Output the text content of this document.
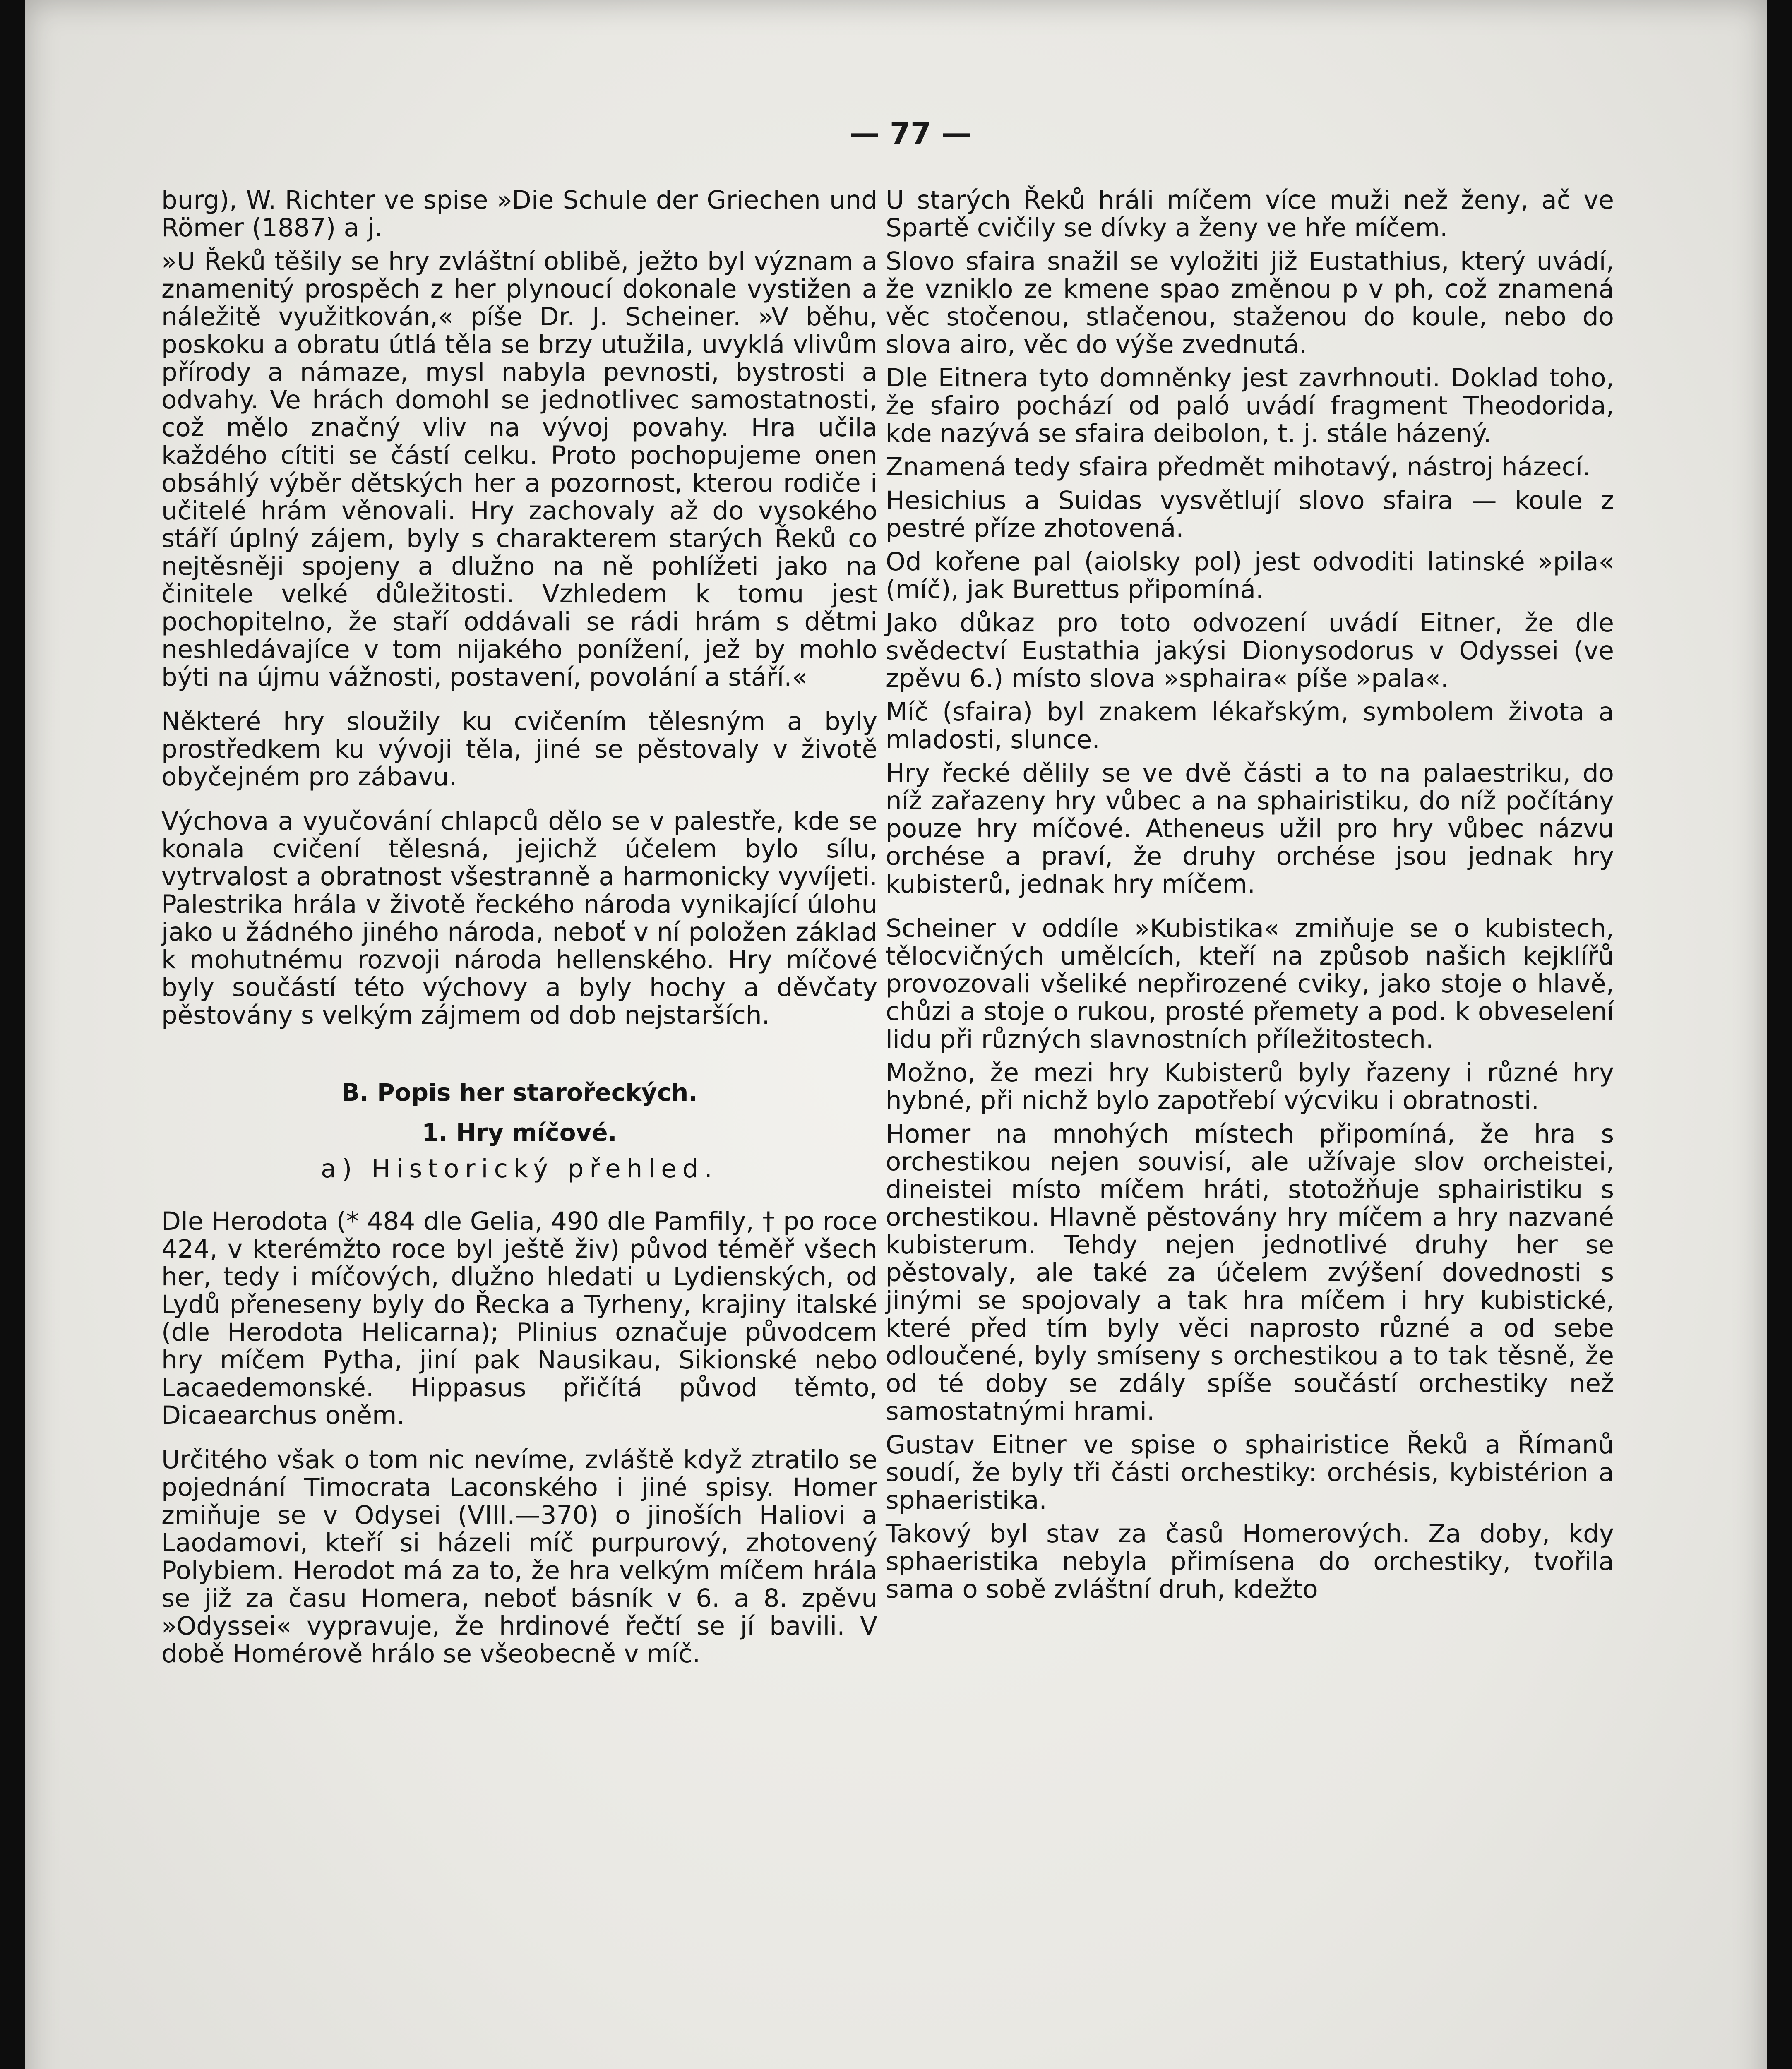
— 77 —

burg), W. Richter ve spise »Die Schule der Griechen und Römer (1887) a j.

»U Řeků těšily se hry zvláštní oblibě, ježto byl význam a znamenitý prospěch z her plynoucí dokonale vystižen a náležitě využitkován,« píše Dr. J. Scheiner. »V běhu, poskoku a obratu útlá těla se brzy utužila, uvyklá vlivům přírody a námaze, mysl nabyla pevnosti, bystrosti a odvahy. Ve hrách domohl se jednotlivec samostatnosti, což mělo značný vliv na vývoj povahy. Hra učila každého cítiti se částí celku. Proto pochopujeme onen obsáhlý výběr dětských her a pozornost, kterou rodiče i učitelé hrám věnovali. Hry zachovaly až do vysokého stáří úplný zájem, byly s charakterem starých Řeků co nejtěsněji spojeny a dlužno na ně pohlížeti jako na činitele velké důležitosti. Vzhledem k tomu jest pochopitelno, že staří oddávali se rádi hrám s dětmi neshledávajíce v tom nijakého ponížení, jež by mohlo býti na újmu vážnosti, postavení, povolání a stáří.«

Některé hry sloužily ku cvičením tělesným a byly prostředkem ku vývoji těla, jiné se pěstovaly v životě obyčejném pro zábavu.

Výchova a vyučování chlapců dělo se v palestře, kde se konala cvičení tělesná, jejichž účelem bylo sílu, vytrvalost a obratnost všestranně a harmonicky vyvíjeti. Palestrika hrála v životě řeckého národa vynikající úlohu jako u žádného jiného národa, neboť v ní položen základ k mohutnému rozvoji národa hellenského. Hry míčové byly součástí této výchovy a byly hochy a děvčaty pěstovány s velkým zájmem od dob nejstarších.

B. Popis her starořeckých.
1. Hry míčové.
a) Historický přehled.

Dle Herodota (* 484 dle Gelia, 490 dle Pamfily, † po roce 424, v kterémžto roce byl ještě živ) původ téměř všech her, tedy i míčových, dlužno hledati u Lydienských, od Lydů přeneseny byly do Řecka a Tyrheny, krajiny italské (dle Herodota Helicarna); Plinius označuje původcem hry míčem Pytha, jiní pak Nausikau, Sikionské nebo Lacaedemonské. Hippasus přičítá původ těmto, Dicaearchus oněm.

Určitého však o tom nic nevíme, zvláště když ztratilo se pojednání Timocrata Laconského i jiné spisy. Homer zmiňuje se v Odysei (VIII.—370) o jinoších Haliovi a Laodamovi, kteří si házeli míč purpurový, zhotovený Polybiem. Herodot má za to, že hra velkým míčem hrála se již za času Homera, neboť básník v 6. a 8. zpěvu »Odyssei« vypravuje, že hrdinové řečtí se jí bavili. V době Homérově hrálo se všeobecně v míč.

U starých Řeků hráli míčem více muži než ženy, ač ve Spartě cvičily se dívky a ženy ve hře míčem.

Slovo sfaira snažil se vyložiti již Eustathius, který uvádí, že vzniklo ze kmene spao změnou p v ph, což znamená věc stočenou, stlačenou, staženou do koule, nebo do slova airo, věc do výše zvednutá.

Dle Eitnera tyto domněnky jest zavrhnouti. Doklad toho, že sfairo pochází od paló uvádí fragment Theodorida, kde nazývá se sfaira deibolon, t. j. stále házený.

Znamená tedy sfaira předmět mihotavý, nástroj házecí.

Hesichius a Suidas vysvětlují slovo sfaira — koule z pestré příze zhotovená.

Od kořene pal (aiolsky pol) jest odvoditi latinské »pila« (míč), jak Burettus připomíná.

Jako důkaz pro toto odvození uvádí Eitner, že dle svědectví Eustathia jakýsi Dionysodorus v Odyssei (ve zpěvu 6.) místo slova »sphaira« píše »pala«.

Míč (sfaira) byl znakem lékařským, symbolem života a mladosti, slunce.

Hry řecké dělily se ve dvě části a to na palaestriku, do níž zařazeny hry vůbec a na sphairistiku, do níž počítány pouze hry míčové. Atheneus užil pro hry vůbec názvu orchése a praví, že druhy orchése jsou jednak hry kubisterů, jednak hry míčem.

Scheiner v oddíle »Kubistika« zmiňuje se o kubistech, tělocvičných umělcích, kteří na způsob našich kejklířů provozovali všeliké nepřirozené cviky, jako stoje o hlavě, chůzi a stoje o rukou, prosté přemety a pod. k obveselení lidu při různých slavnostních příležitostech.

Možno, že mezi hry Kubisterů byly řazeny i různé hry hybné, při nichž bylo zapotřebí výcviku i obratnosti.

Homer na mnohých místech připomíná, že hra s orchestikou nejen souvisí, ale užívaje slov orcheistei, dineistei místo míčem hráti, stotožňuje sphairistiku s orchestikou. Hlavně pěstovány hry míčem a hry nazvané kubisterum. Tehdy nejen jednotlivé druhy her se pěstovaly, ale také za účelem zvýšení dovednosti s jinými se spojovaly a tak hra míčem i hry kubistické, které před tím byly věci naprosto různé a od sebe odloučené, byly smíseny s orchestikou a to tak těsně, že od té doby se zdály spíše součástí orchestiky než samostatnými hrami.

Gustav Eitner ve spise o sphairistice Řeků a Římanů soudí, že byly tři části orchestiky: orchésis, kybistérion a sphaeristika.

Takový byl stav za časů Homerových. Za doby, kdy sphaeristika nebyla přimísena do orchestiky, tvořila sama o sobě zvláštní druh, kdežto
